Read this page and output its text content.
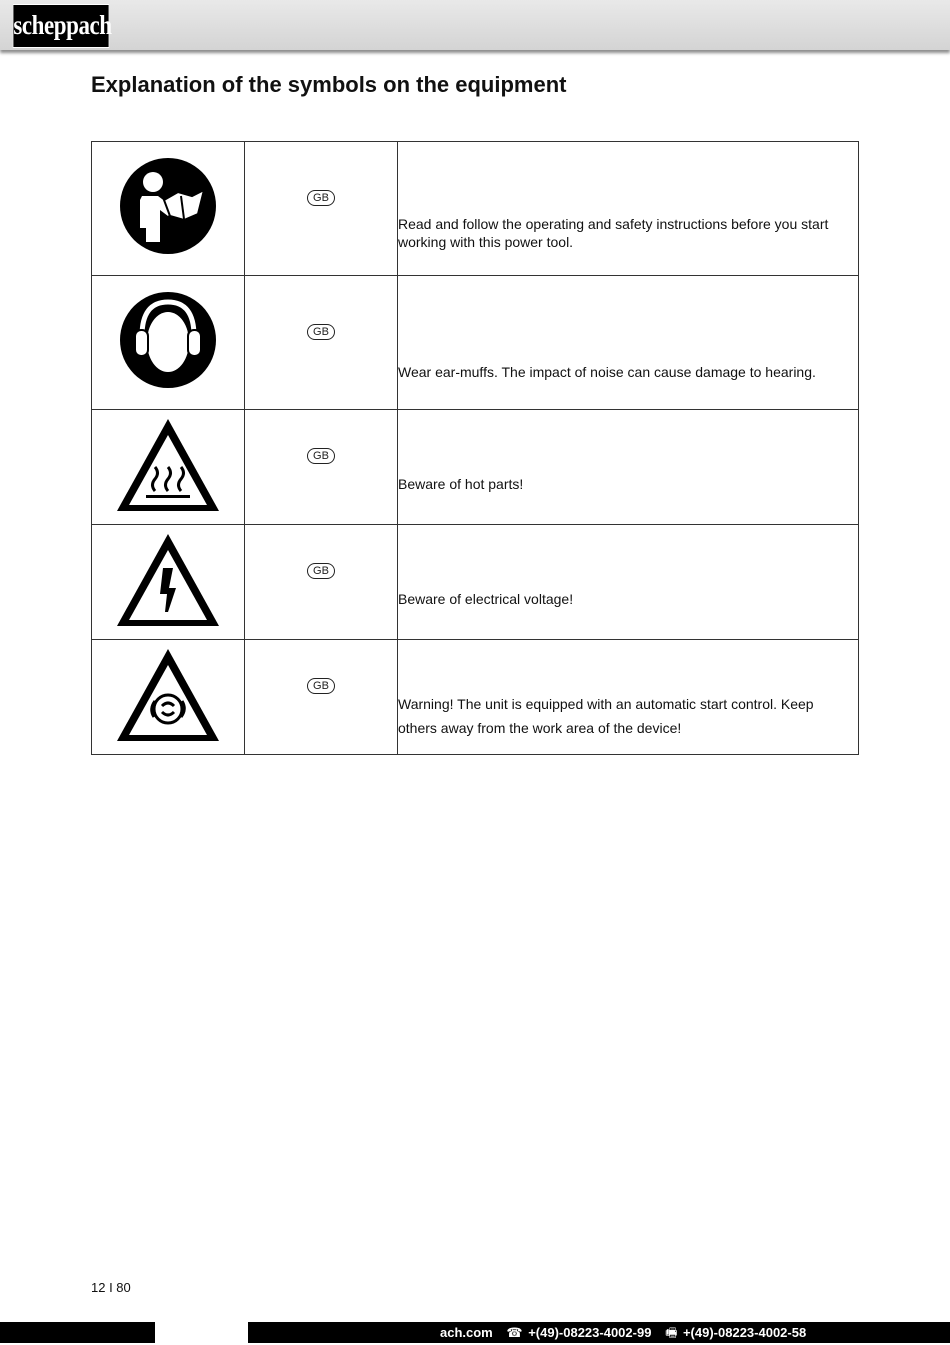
scheppach
Explanation of the symbols on the equipment
	GB	Read and follow the operating and safety instructions before you start
working with this power tool.

	GB	Wear ear-muffs. The impact of noise can cause damage to hearing.

	GB	Beware of hot parts!

	GB	Beware of electrical voltage!

	GB	Warning! The unit is equipped with an automatic start control. Keep
others away from the work area of the device!
12 I 80
ach.com ☎ +(49)-08223-4002-99 🖷 +(49)-08223-4002-58
